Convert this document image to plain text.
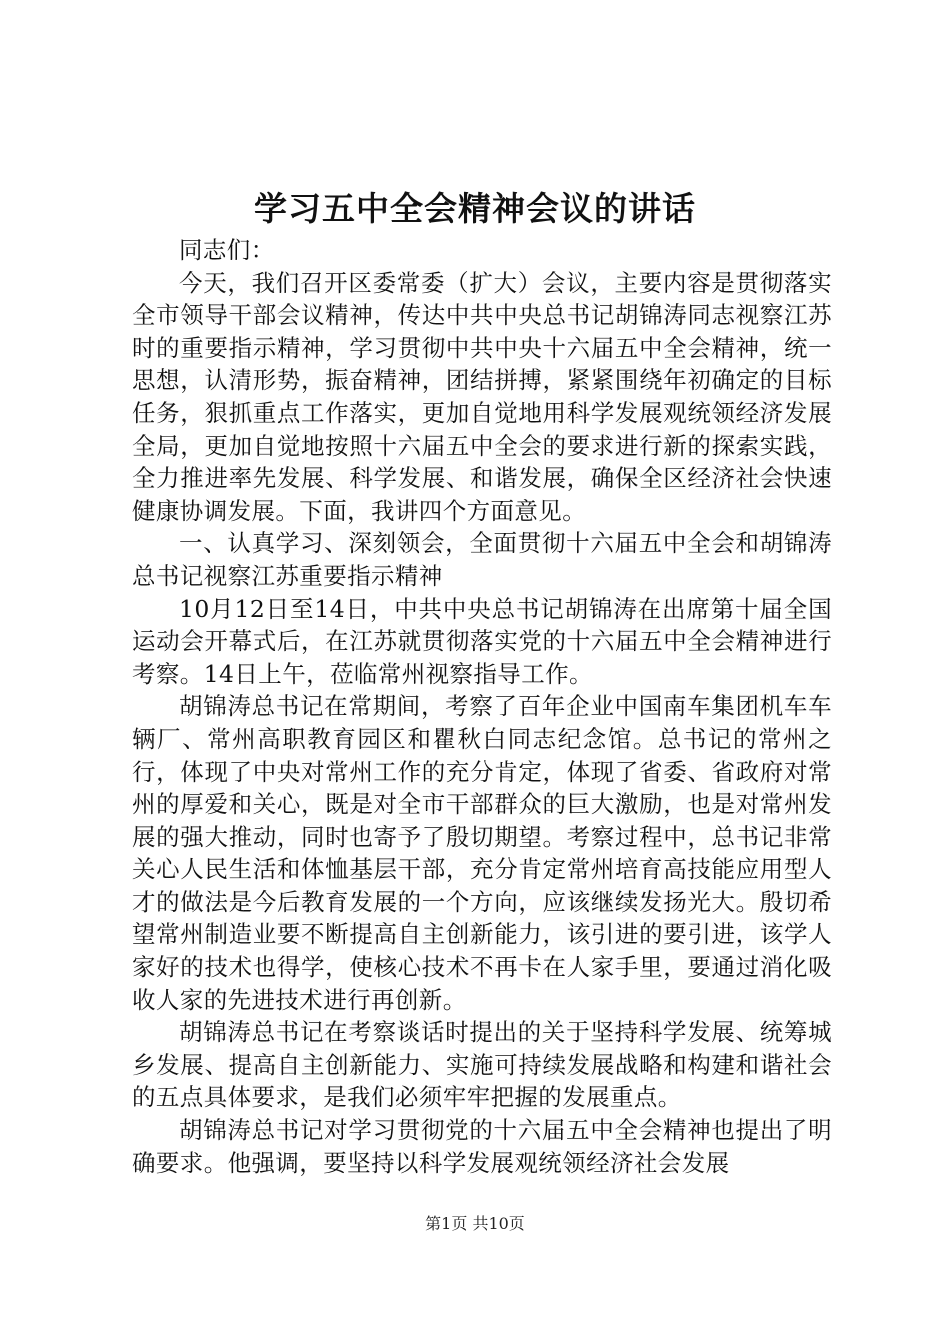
学习五中全会精神会议的讲话

同志们：

今天，我们召开区委常委（扩大）会议，主要内容是贯彻落实全市领导干部会议精神，传达中共中央总书记胡锦涛同志视察江苏时的重要指示精神，学习贯彻中共中央十六届五中全会精神，统一思想，认清形势，振奋精神，团结拼搏，紧紧围绕年初确定的目标任务，狠抓重点工作落实，更加自觉地用科学发展观统领经济发展全局，更加自觉地按照十六届五中全会的要求进行新的探索实践，全力推进率先发展、科学发展、和谐发展，确保全区经济社会快速健康协调发展。下面，我讲四个方面意见。

一、认真学习、深刻领会，全面贯彻十六届五中全会和胡锦涛总书记视察江苏重要指示精神

10月12日至14日，中共中央总书记胡锦涛在出席第十届全国运动会开幕式后，在江苏就贯彻落实党的十六届五中全会精神进行考察。14日上午，莅临常州视察指导工作。

胡锦涛总书记在常期间，考察了百年企业中国南车集团机车车辆厂、常州高职教育园区和瞿秋白同志纪念馆。总书记的常州之行，体现了中央对常州工作的充分肯定，体现了省委、省政府对常州的厚爱和关心，既是对全市干部群众的巨大激励，也是对常州发展的强大推动，同时也寄予了殷切期望。考察过程中，总书记非常关心人民生活和体恤基层干部，充分肯定常州培育高技能应用型人才的做法是今后教育发展的一个方向，应该继续发扬光大。殷切希望常州制造业要不断提高自主创新能力，该引进的要引进，该学人家好的技术也得学，使核心技术不再卡在人家手里，要通过消化吸收人家的先进技术进行再创新。

胡锦涛总书记在考察谈话时提出的关于坚持科学发展、统筹城乡发展、提高自主创新能力、实施可持续发展战略和构建和谐社会的五点具体要求，是我们必须牢牢把握的发展重点。

胡锦涛总书记对学习贯彻党的十六届五中全会精神也提出了明确要求。他强调，要坚持以科学发展观统领经济社会发展

第1页 共10页
